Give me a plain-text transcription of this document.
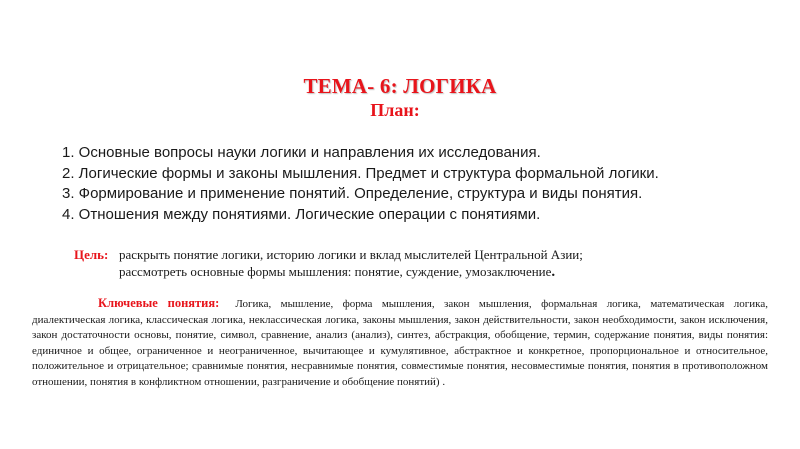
ТЕМА- 6: ЛОГИКА
План:
1. Основные вопросы науки логики и направления их исследования.
2. Логические формы и законы мышления. Предмет и структура формальной логики.
3. Формирование и применение понятий. Определение, структура и виды понятия.
4. Отношения между понятиями. Логические операции с понятиями.
Цель: раскрыть понятие логики, историю логики и вклад мыслителей Центральной Азии;
рассмотреть основные формы мышления: понятие, суждение, умозаключение.
Ключевые понятия: Логика, мышление, форма мышления, закон мышления, формальная логика, математическая логика, диалектическая логика, классическая логика, неклассическая логика, законы мышления, закон действительности, закон необходимости, закон исключения, закон достаточности основы, понятие, символ, сравнение, анализ (анализ), синтез, абстракция, обобщение, термин, содержание понятия, виды понятия: единичное и общее, ограниченное и неограниченное, вычитающее и кумулятивное, абстрактное и конкретное, пропорциональное и относительное, положительное и отрицательное; сравнимые понятия, несравнимые понятия, совместимые понятия, несовместимые понятия, понятия в противоположном отношении, понятия в конфликтном отношении, разграничение и обобщение понятий) .
